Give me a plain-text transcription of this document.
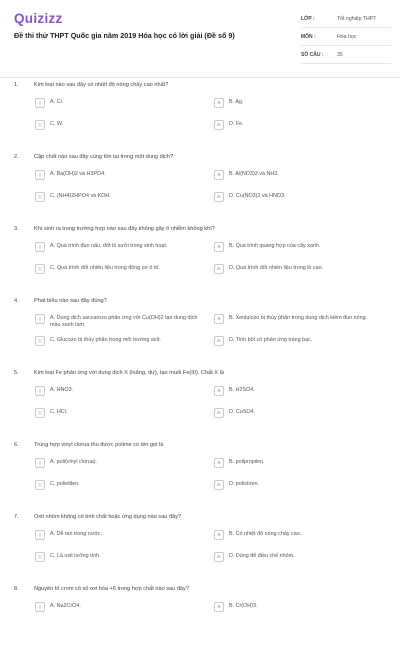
Quizizz
Đề thi thử THPT Quốc gia năm 2019 Hóa học có lời giải (Đề số 9)
LỚP :	Tốt nghiệp THPT
MÔN :	Hóa học
SỐ CÂU :	35
1.	Kim loại nào sau đây có nhiệt độ nóng chảy cao nhất?
A	A. Cr.	B	B. Ag.
C	C. W.	D	D. Fe.
2.	Cặp chất nào sau đây cùng tồn tại trong một dung dịch?
A	A. Ba(OH)2 và H3PO4.	B	B. Al(NO3)3 và NH3.
C	C. (NH4)2HPO4 và KOH.	D	D. Cu(NO3)2 và HNO3.
3.	Khí sinh ra trong trường hợp nào sau đây không gây ô nhiễm không khí?
A	A. Quá trình đun nấu, đốt lò sưởi trong sinh hoạt.	B	B. Quá trình quang hợp của cây xanh.
C	C. Quá trình đốt nhiên liệu trong động cơ ô tô.	D	D. Quá trình đốt nhiên liệu trong lò cao.
4.	Phát biểu nào sau đây đúng?
A	A. Dung dịch saccarozo phản ứng với Cu(OH)2 tạo dung dịch màu xanh lam.
B	B. Xenlulozo bị thủy phân trong dung dịch kiềm đun nóng.
C	C. Glucozo bị thủy phân trong môi trường axit.	D	D. Tinh bột có phản ứng tráng bạc.
5.	Kim loại Fe phản ứng với dung dịch X (loãng, dư), tạo muối Fe(III). Chất X là
A	A. HNO3.	B	B. H2SO4.
C	C. HCl.	D	D. CuSO4.
6.	Trùng hợp vinyl clorua thu được polime có tên gọi là
A	A. poli(vinyl clorua).	B	B. polipropilen.
C	C. polietilen.	D	D. polistiren.
7.	Oxit nhôm không có tính chất hoặc ứng dụng nào sau đây?
A	A. Dễ tan trong nước.	B	B. Có nhiệt độ nóng chảy cao.
C	C. Là oxit lưỡng tính.	D	D. Dùng để điều chế nhôm.
8.	Nguyên tố crom có số oxi hóa +6 trong hợp chất nào sau đây?
A	A. Na2CrO4.	B	B. Cr(OH)3.
